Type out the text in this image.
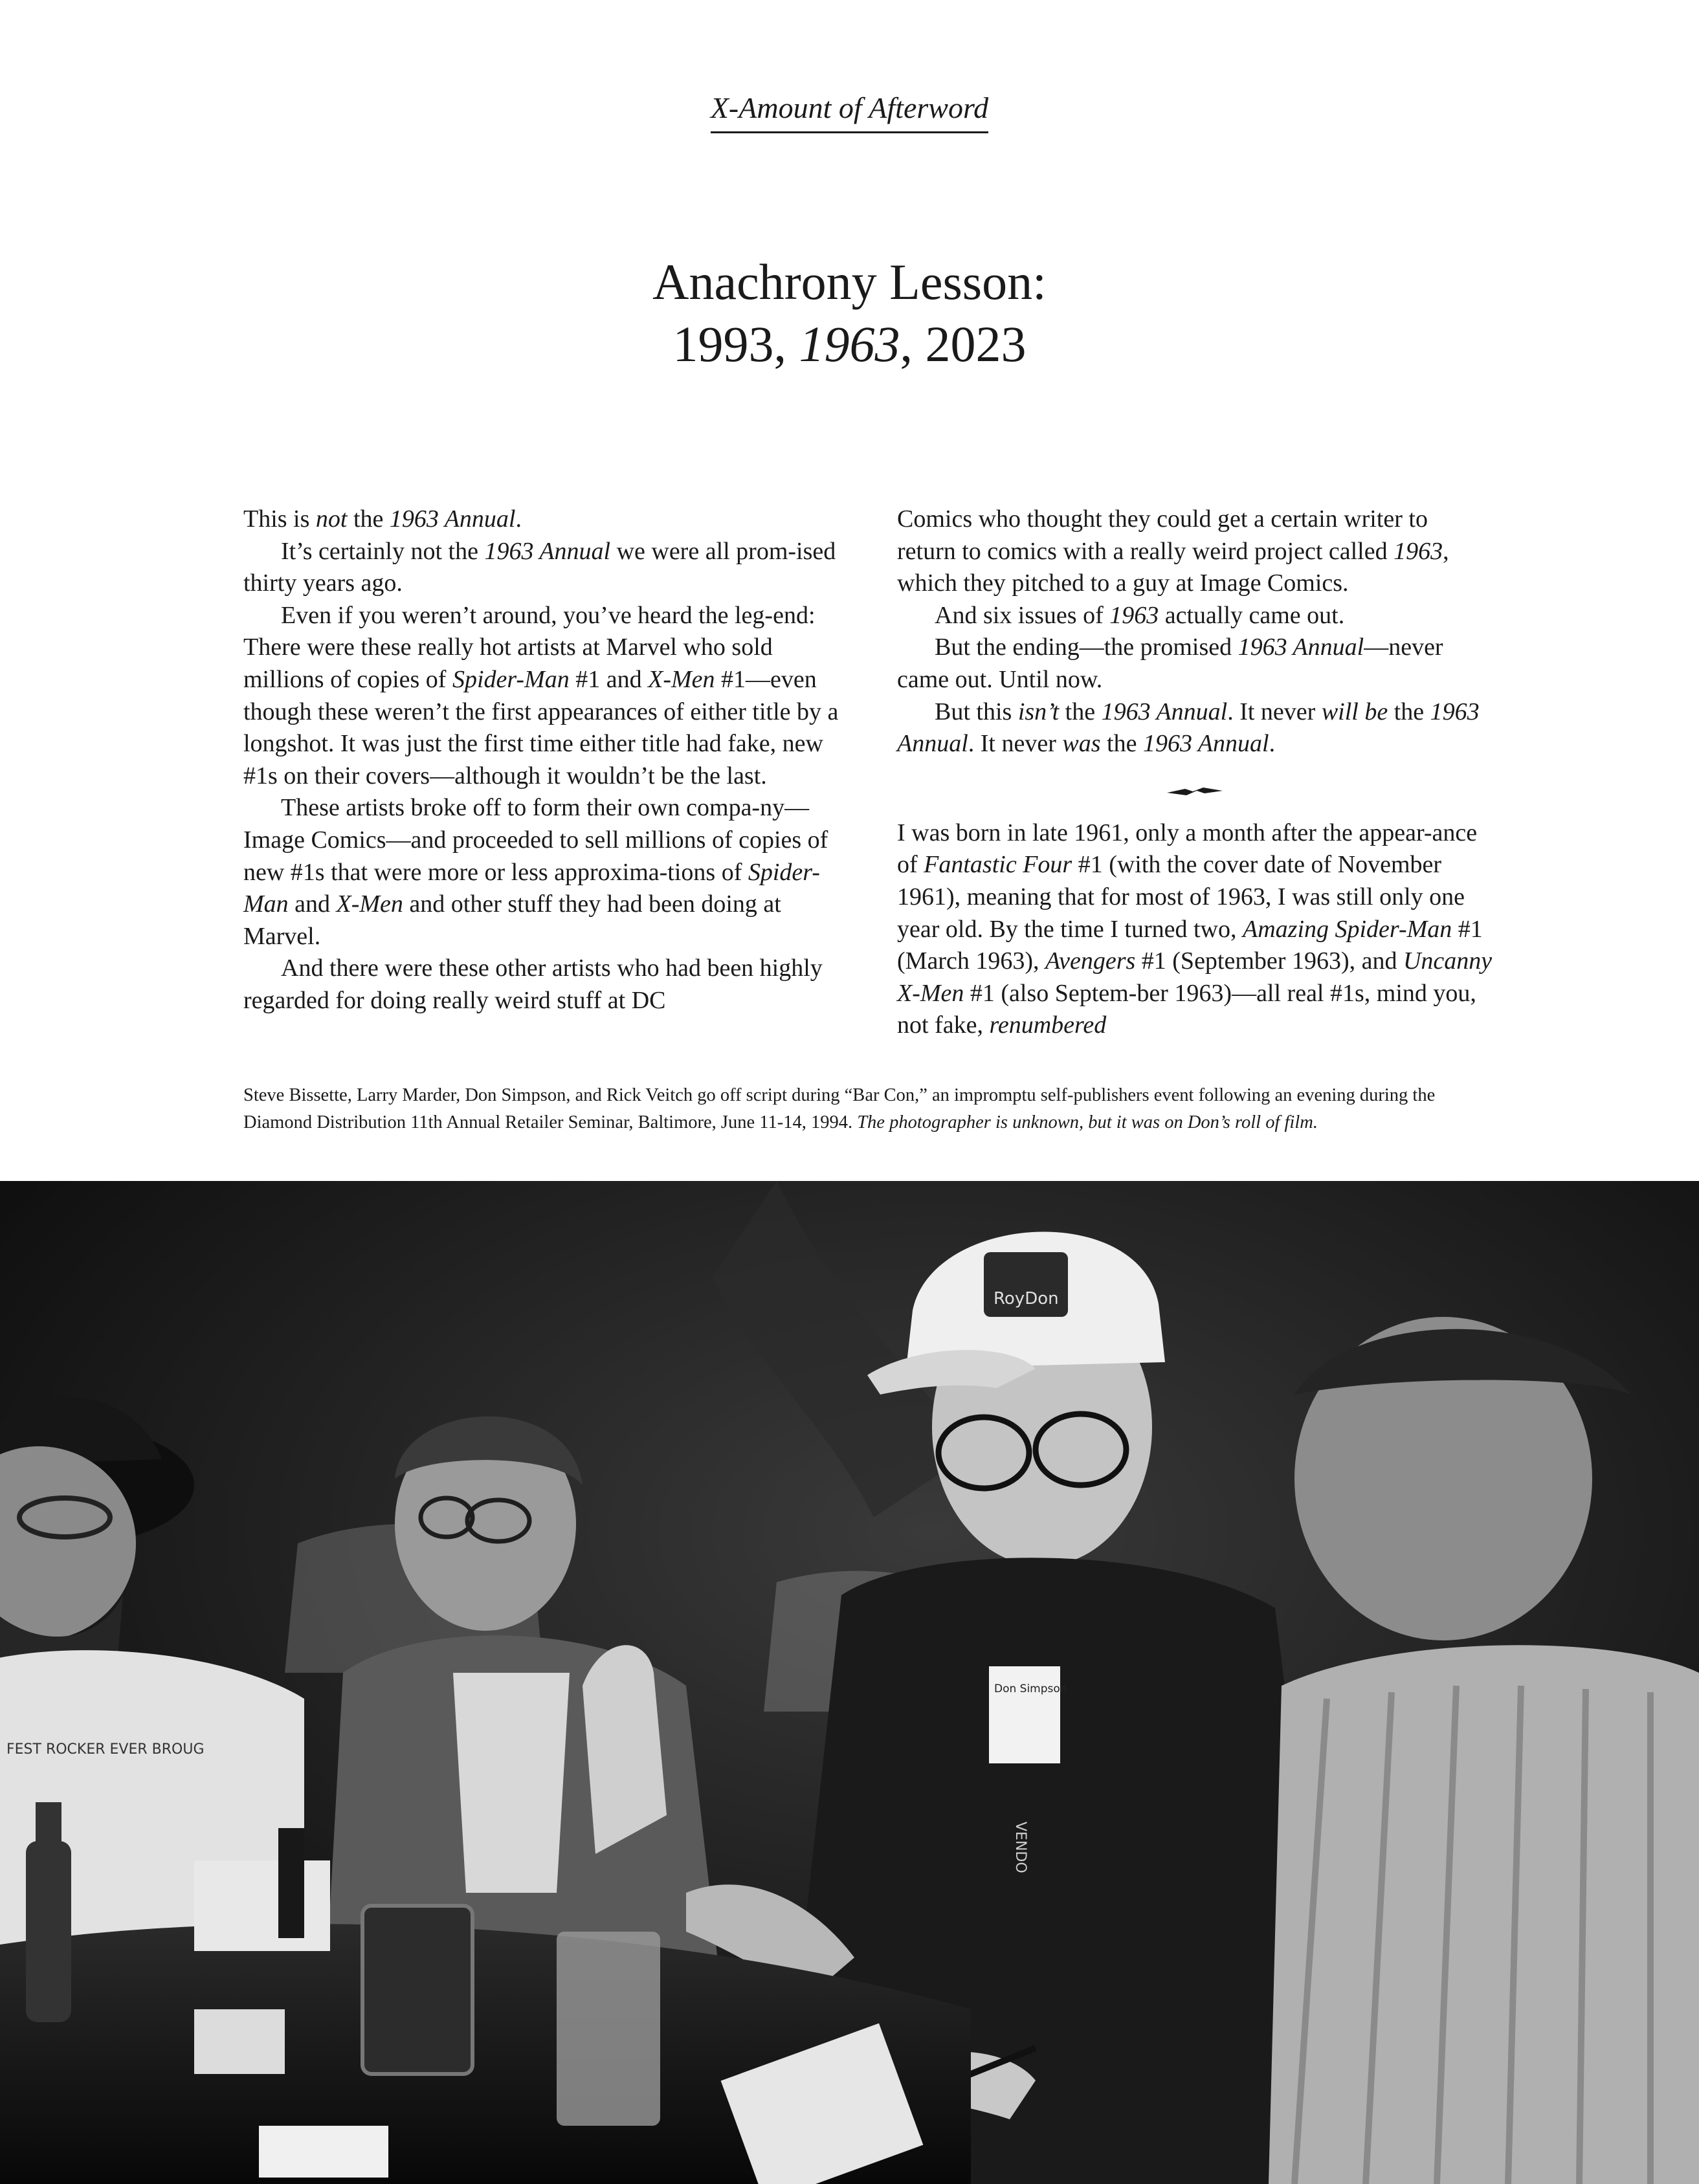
X-Amount of Afterword
Anachrony Lesson:
1993, 1963, 2023

This is not the 1963 Annual.

It’s certainly not the 1963 Annual we were all prom-ised thirty years ago.

Even if you weren’t around, you’ve heard the leg-end: There were these really hot artists at Marvel who sold millions of copies of Spider-Man #1 and X-Men #1—even though these weren’t the first appearances of either title by a longshot. It was just the first time either title had fake, new #1s on their covers—although it wouldn’t be the last.

These artists broke off to form their own compa-ny—Image Comics—and proceeded to sell millions of copies of new #1s that were more or less approxima-tions of Spider-Man and X-Men and other stuff they had been doing at Marvel.

And there were these other artists who had been highly regarded for doing really weird stuff at DC

Comics who thought they could get a certain writer to return to comics with a really weird project called 1963, which they pitched to a guy at Image Comics.

And six issues of 1963 actually came out.

But the ending—the promised 1963 Annual—never came out. Until now.

But this isn’t the 1963 Annual. It never will be the 1963 Annual. It never was the 1963 Annual.

I was born in late 1961, only a month after the appear-ance of Fantastic Four #1 (with the cover date of November 1961), meaning that for most of 1963, I was still only one year old. By the time I turned two, Amazing Spider-Man #1 (March 1963), Avengers #1 (September 1963), and Uncanny X-Men #1 (also Septem-ber 1963)—all real #1s, mind you, not fake, renumbered

Steve Bissette, Larry Marder, Don Simpson, and Rick Veitch go off script during “Bar Con,” an impromptu self-publishers event following an evening during the Diamond Distribution 11th Annual Retailer Seminar, Baltimore, June 11-14, 1994. The photographer is unknown, but it was on Don’s roll of film.
FEST ROCKER EVER BROUG
RoyDon
Don Simpson
VENDO
